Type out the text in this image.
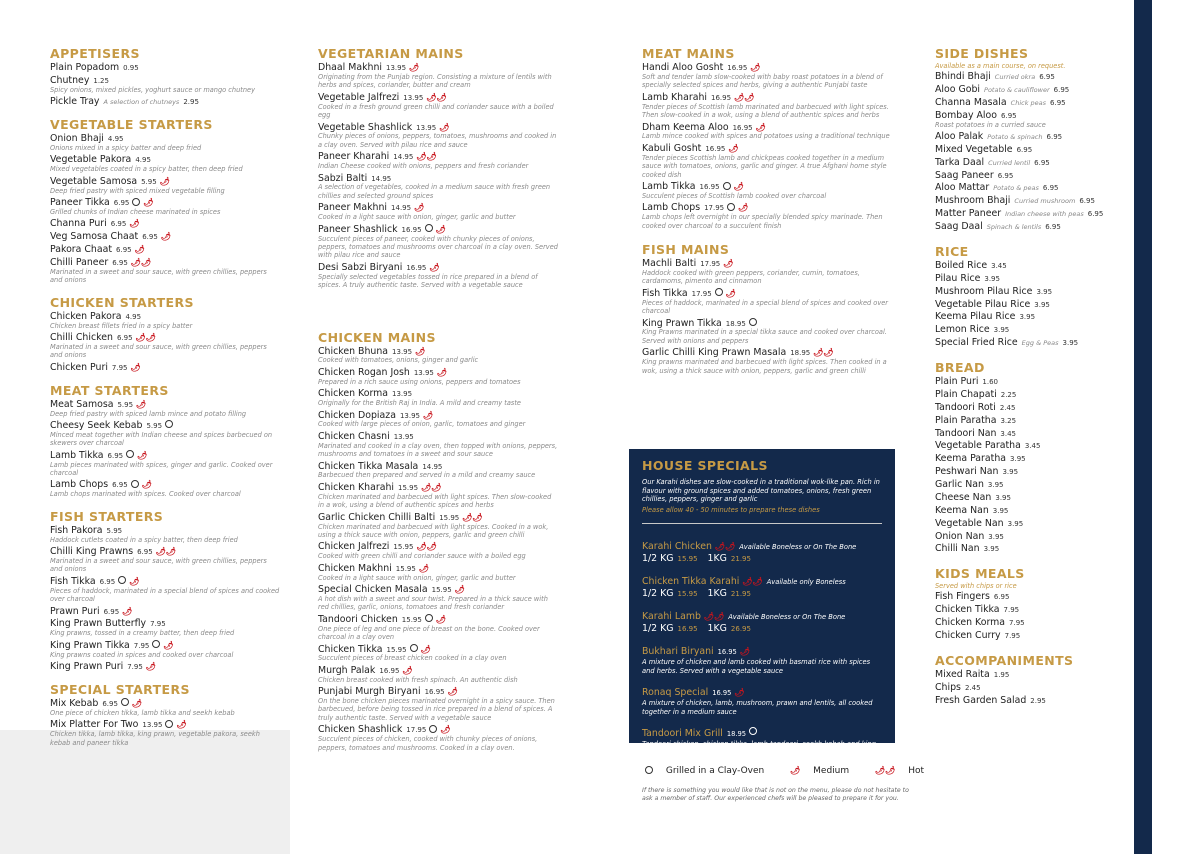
APPETISERS
Plain Popadom 0.95
Chutney 1.25
Spicy onions, mixed pickles, yoghurt sauce or mango chutney
Pickle Tray A selection of chutneys 2.95
VEGETABLE STARTERS
Onion Bhaji 4.95
Onions mixed in a spicy batter and deep fried
Vegetable Pakora 4.95
Mixed vegetables coated in a spicy batter, then deep fried
Vegetable Samosa 5.95 🌶︎
Deep fried pastry with spiced mixed vegetable filling
Paneer Tikka 6.95 🌶︎
Grilled chunks of Indian cheese marinated in spices
Channa Puri 6.95 🌶︎
Veg Samosa Chaat 6.95 🌶︎
Pakora Chaat 6.95 🌶︎
Chilli Paneer 6.95 🌶︎🌶︎
Marinated in a sweet and sour sauce, with green chillies, peppers and onions
CHICKEN STARTERS
Chicken Pakora 4.95
Chicken breast fillets fried in a spicy batter
Chilli Chicken 6.95 🌶︎🌶︎
Marinated in a sweet and sour sauce, with green chillies, peppers and onions
Chicken Puri 7.95 🌶︎
MEAT STARTERS
Meat Samosa 5.95 🌶︎
Deep fried pastry with spiced lamb mince and potato filling
Cheesy Seek Kebab 5.95
Minced meat together with Indian cheese and spices barbecued on skewers over charcoal
Lamb Tikka 6.95 🌶︎
Lamb pieces marinated with spices, ginger and garlic. Cooked over charcoal
Lamb Chops 6.95 🌶︎
Lamb chops marinated with spices. Cooked over charcoal
FISH STARTERS
Fish Pakora 5.95
Haddock cutlets coated in a spicy batter, then deep fried
Chilli King Prawns 6.95 🌶︎🌶︎
Marinated in a sweet and sour sauce, with green chillies, peppers and onions
Fish Tikka 6.95 🌶︎
Pieces of haddock, marinated in a special blend of spices and cooked over charcoal
Prawn Puri 6.95 🌶︎
King Prawn Butterfly 7.95
King prawns, tossed in a creamy batter, then deep fried
King Prawn Tikka 7.95 🌶︎
King prawns coated in spices and cooked over charcoal
King Prawn Puri 7.95 🌶︎
SPECIAL STARTERS
Mix Kebab 6.95 🌶︎
One piece of chicken tikka, lamb tikka and seekh kebab
Mix Platter For Two 13.95 🌶︎
Chicken tikka, lamb tikka, king prawn, vegetable pakora, seekh kebab and paneer tikka
VEGETARIAN MAINS
Dhaal Makhni 13.95 🌶︎
Originating from the Punjab region. Consisting a mixture of lentils with herbs and spices, coriander, butter and cream
Vegetable Jalfrezi 13.95 🌶︎🌶︎
Cooked in a fresh ground green chilli and coriander sauce with a boiled egg
Vegetable Shashlick 13.95 🌶︎
Chunky pieces of onions, peppers, tomatoes, mushrooms and cooked in a clay oven. Served with pilau rice and sauce
Paneer Kharahi 14.95 🌶︎🌶︎
Indian Cheese cooked with onions, peppers and fresh coriander
Sabzi Balti 14.95
A selection of vegetables, cooked in a medium sauce with fresh green chillies and selected ground spices
Paneer Makhni 14.95 🌶︎
Cooked in a light sauce with onion, ginger, garlic and butter
Paneer Shashlick 16.95 🌶︎
Succulent pieces of paneer, cooked with chunky pieces of onions, peppers, tomatoes and mushrooms over charcoal in a clay oven. Served with pilau rice and sauce
Desi Sabzi Biryani 16.95 🌶︎
Specially selected vegetables tossed in rice prepared in a blend of spices. A truly authentic taste. Served with a vegetable sauce
CHICKEN MAINS
Chicken Bhuna 13.95 🌶︎
Cooked with tomatoes, onions, ginger and garlic
Chicken Rogan Josh 13.95 🌶︎
Prepared in a rich sauce using onions, peppers and tomatoes
Chicken Korma 13.95
Originally for the British Raj in India. A mild and creamy taste
Chicken Dopiaza 13.95 🌶︎
Cooked with large pieces of onion, garlic, tomatoes and ginger
Chicken Chasni 13.95
Marinated and cooked in a clay oven, then topped with onions, peppers, mushrooms and tomatoes in a sweet and sour sauce
Chicken Tikka Masala 14.95
Barbecued then prepared and served in a mild and creamy sauce
Chicken Kharahi 15.95 🌶︎🌶︎
Chicken marinated and barbecued with light spices. Then slow-cooked in a wok, using a blend of authentic spices and herbs
Garlic Chicken Chilli Balti 15.95 🌶︎🌶︎
Chicken marinated and barbecued with light spices. Cooked in a wok, using a thick sauce with onion, peppers, garlic and green chilli
Chicken Jalfrezi 15.95 🌶︎🌶︎
Cooked with green chilli and coriander sauce with a boiled egg
Chicken Makhni 15.95 🌶︎
Cooked in a light sauce with onion, ginger, garlic and butter
Special Chicken Masala 15.95 🌶︎
A hot dish with a sweet and sour twist. Prepared in a thick sauce with red chillies, garlic, onions, tomatoes and fresh coriander
Tandoori Chicken 15.95 🌶︎
One piece of leg and one piece of breast on the bone. Cooked over charcoal in a clay oven
Chicken Tikka 15.95 🌶︎
Succulent pieces of breast chicken cooked in a clay oven
Murgh Palak 16.95 🌶︎
Chicken breast cooked with fresh spinach. An authentic dish
Punjabi Murgh Biryani 16.95 🌶︎
On the bone chicken pieces marinated overnight in a spicy sauce. Then barbecued, before being tossed in rice prepared in a blend of spices. A truly authentic taste. Served with a vegetable sauce
Chicken Shashlick 17.95 🌶︎
Succulent pieces of chicken, cooked with chunky pieces of onions, peppers, tomatoes and mushrooms. Cooked in a clay oven.
MEAT MAINS
Handi Aloo Gosht 16.95 🌶︎
Soft and tender lamb slow-cooked with baby roast potatoes in a blend of specially selected spices and herbs, giving a authentic Punjabi taste
Lamb Kharahi 16.95 🌶︎🌶︎
Tender pieces of Scottish lamb marinated and barbecued with light spices. Then slow-cooked in a wok, using a blend of authentic spices and herbs
Dham Keema Aloo 16.95 🌶︎
Lamb mince cooked with spices and potatoes using a traditional technique
Kabuli Gosht 16.95 🌶︎
Tender pieces Scottish lamb and chickpeas cooked together in a medium sauce with tomatoes, onions, garlic and ginger. A true Afghani home style cooked dish
Lamb Tikka 16.95 🌶︎
Succulent pieces of Scottish lamb cooked over charcoal
Lamb Chops 17.95 🌶︎
Lamb chops left overnight in our specially blended spicy marinade. Then cooked over charcoal to a succulent finish
FISH MAINS
Machli Balti 17.95 🌶︎
Haddock cooked with green peppers, coriander, cumin, tomatoes, cardamoms, pimento and cinnamon
Fish Tikka 17.95 🌶︎
Pieces of haddock, marinated in a special blend of spices and cooked over charcoal
King Prawn Tikka 18.95
King Prawns marinated in a special tikka sauce and cooked over charcoal. Served with onions and peppers
Garlic Chilli King Prawn Masala 18.95 🌶︎🌶︎
King prawns marinated and barbecued with light spices. Then cooked in a wok, using a thick sauce with onion, peppers, garlic and green chilli
SIDE DISHES
Available as a main course, on request.
Bhindi Bhaji Curried okra 6.95
Aloo Gobi Potato & cauliflower 6.95
Channa Masala Chick peas 6.95
Bombay Aloo 6.95
Roast potatoes in a curried sauce
Aloo Palak Potato & spinach 6.95
Mixed Vegetable 6.95
Tarka Daal Curried lentil 6.95
Saag Paneer 6.95
Aloo Mattar Potato & peas 6.95
Mushroom Bhaji Curried mushroom 6.95
Matter Paneer Indian cheese with peas 6.95
Saag Daal Spinach & lentils 6.95
RICE
Boiled Rice 3.45
Pilau Rice 3.95
Mushroom Pilau Rice 3.95
Vegetable Pilau Rice 3.95
Keema Pilau Rice 3.95
Lemon Rice 3.95
Special Fried Rice Egg & Peas 3.95
BREAD
Plain Puri 1.60
Plain Chapati 2.25
Tandoori Roti 2.45
Plain Paratha 3.25
Tandoori Nan 3.45
Vegetable Paratha 3.45
Keema Paratha 3.95
Peshwari Nan 3.95
Garlic Nan 3.95
Cheese Nan 3.95
Keema Nan 3.95
Vegetable Nan 3.95
Onion Nan 3.95
Chilli Nan 3.95
KIDS MEALS
Served with chips or rice
Fish Fingers 6.95
Chicken Tikka 7.95
Chicken Korma 7.95
Chicken Curry 7.95
ACCOMPANIMENTS
Mixed Raita 1.95
Chips 2.45
Fresh Garden Salad 2.95
HOUSE SPECIALS
Our Karahi dishes are slow-cooked in a traditional wok-like pan. Rich in flavour with ground spices and added tomatoes, onions, fresh green chillies, peppers, ginger and garlic
Please allow 40 - 50 minutes to prepare these dishes
Karahi Chicken 🌶︎🌶︎ Available Boneless or On The Bone
1/2 KG 15.95 1KG 21.95
Chicken Tikka Karahi 🌶︎🌶︎ Available only Boneless
1/2 KG 15.95 1KG 21.95
Karahi Lamb 🌶︎🌶︎ Available Boneless or On The Bone
1/2 KG 16.95 1KG 26.95
Bukhari Biryani 16.95 🌶︎
A mixture of chicken and lamb cooked with basmati rice with spices and herbs. Served with a vegetable sauce
Ronaq Special 16.95 🌶︎
A mixture of chicken, lamb, mushroom, prawn and lentils, all cooked together in a medium sauce
Tandoori Mix Grill 18.95
Tandoori chicken, chicken tikka, lamb tandoori, seekh kebab and king prawn tikka. Cooked over charcoal in a clay oven. Served with Pilau rice and sauce
Grilled in a Clay-Oven	🌶︎ Medium	🌶︎🌶︎ Hot
If there is something you would like that is not on the menu, please do not hesitate to ask a member of staff. Our experienced chefs will be pleased to prepare it for you.
